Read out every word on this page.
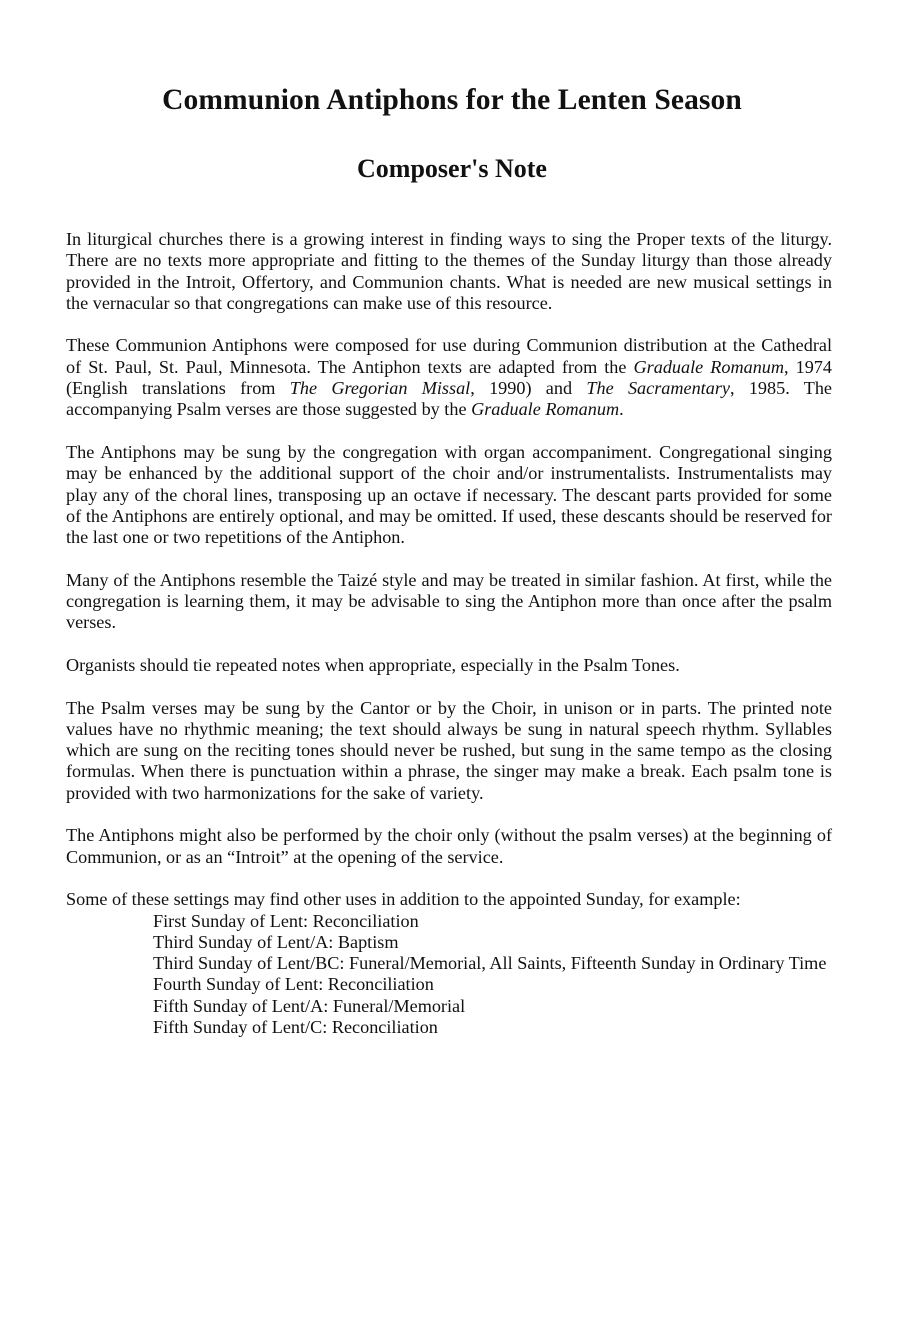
Communion Antiphons for the Lenten Season
Composer's Note

In liturgical churches there is a growing interest in finding ways to sing the Proper texts of the liturgy. There are no texts more appropriate and fitting to the themes of the Sunday liturgy than those already provided in the Introit, Offertory, and Communion chants. What is needed are new musical settings in the vernacular so that congregations can make use of this resource.

These Communion Antiphons were composed for use during Communion distribution at the Cathedral of St. Paul, St. Paul, Minnesota. The Antiphon texts are adapted from the Graduale Romanum, 1974 (English translations from The Gregorian Missal, 1990) and The Sacramentary, 1985. The accompanying Psalm verses are those suggested by the Graduale Romanum.

The Antiphons may be sung by the congregation with organ accompaniment. Congregational singing may be enhanced by the additional support of the choir and/or instrumentalists. Instrumentalists may play any of the choral lines, transposing up an octave if necessary. The descant parts provided for some of the Antiphons are entirely optional, and may be omitted. If used, these descants should be reserved for the last one or two repetitions of the Antiphon.

Many of the Antiphons resemble the Taizé style and may be treated in similar fashion. At first, while the congregation is learning them, it may be advisable to sing the Antiphon more than once after the psalm verses.

Organists should tie repeated notes when appropriate, especially in the Psalm Tones.

The Psalm verses may be sung by the Cantor or by the Choir, in unison or in parts. The printed note values have no rhythmic meaning; the text should always be sung in natural speech rhythm. Syllables which are sung on the reciting tones should never be rushed, but sung in the same tempo as the closing formulas. When there is punctuation within a phrase, the singer may make a break. Each psalm tone is provided with two harmonizations for the sake of variety.

The Antiphons might also be performed by the choir only (without the psalm verses) at the beginning of Communion, or as an “Introit” at the opening of the service.

Some of these settings may find other uses in addition to the appointed Sunday, for example:

First Sunday of Lent: Reconciliation
Third Sunday of Lent/A: Baptism
Third Sunday of Lent/BC: Funeral/Memorial, All Saints, Fifteenth Sunday in Ordinary Time
Fourth Sunday of Lent: Reconciliation
Fifth Sunday of Lent/A: Funeral/Memorial
Fifth Sunday of Lent/C: Reconciliation
